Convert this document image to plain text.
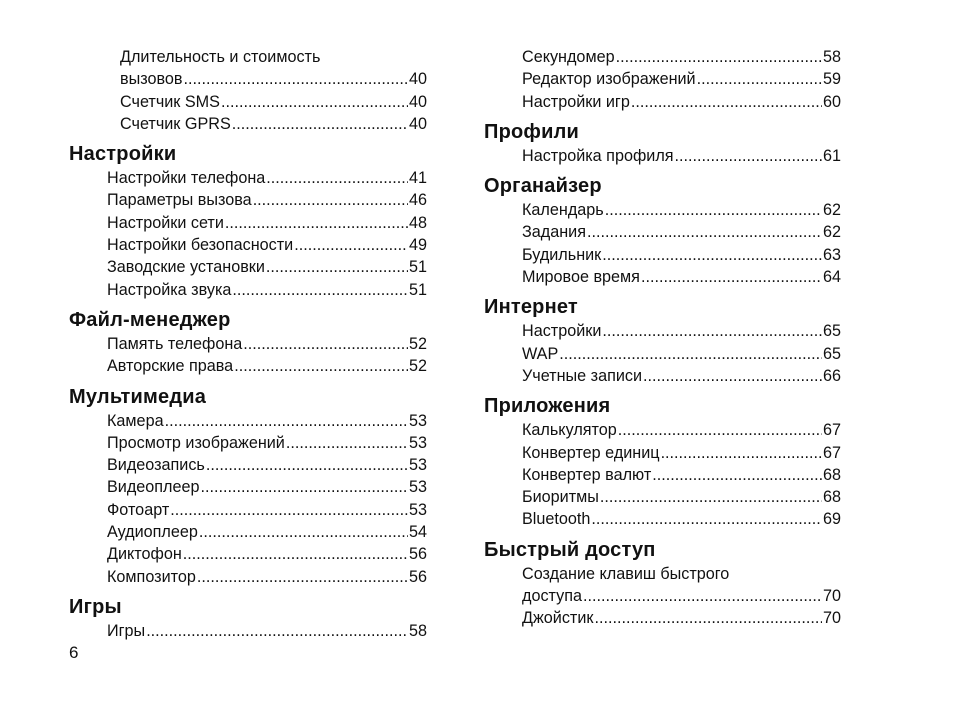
Длительность и стоимость
вызовов .....	40
Счетчик SMS .....	40
Счетчик GPRS .....	40
Настройки
Настройки телефона .....	41
Параметры вызова .....	46
Настройки сети .....	48
Настройки безопасности .....	49
Заводские установки .....	51
Настройка звука .....	51
Файл-менеджер
Память телефона .....	52
Авторские права .....	52
Мультимедиа
Камера .....	53
Просмотр изображений .....	53
Видеозапись .....	53
Видеоплеер .....	53
Фотоарт .....	53
Аудиоплеер .....	54
Диктофон .....	56
Композитор .....	56
Игры
Игры .....	58
Секундомер .....	58
Редактор изображений .....	59
Настройки игр .....	60
Профили
Настройка профиля .....	61
Органайзер
Календарь .....	62
Задания .....	62
Будильник .....	63
Мировое время .....	64
Интернет
Настройки .....	65
WAP .....	65
Учетные записи .....	66
Приложения
Калькулятор .....	67
Конвертер единиц .....	67
Конвертер валют .....	68
Биоритмы .....	68
Bluetooth .....	69
Быстрый доступ
Создание клавиш быстрого
доступа .....	70
Джойстик .....	70
6
